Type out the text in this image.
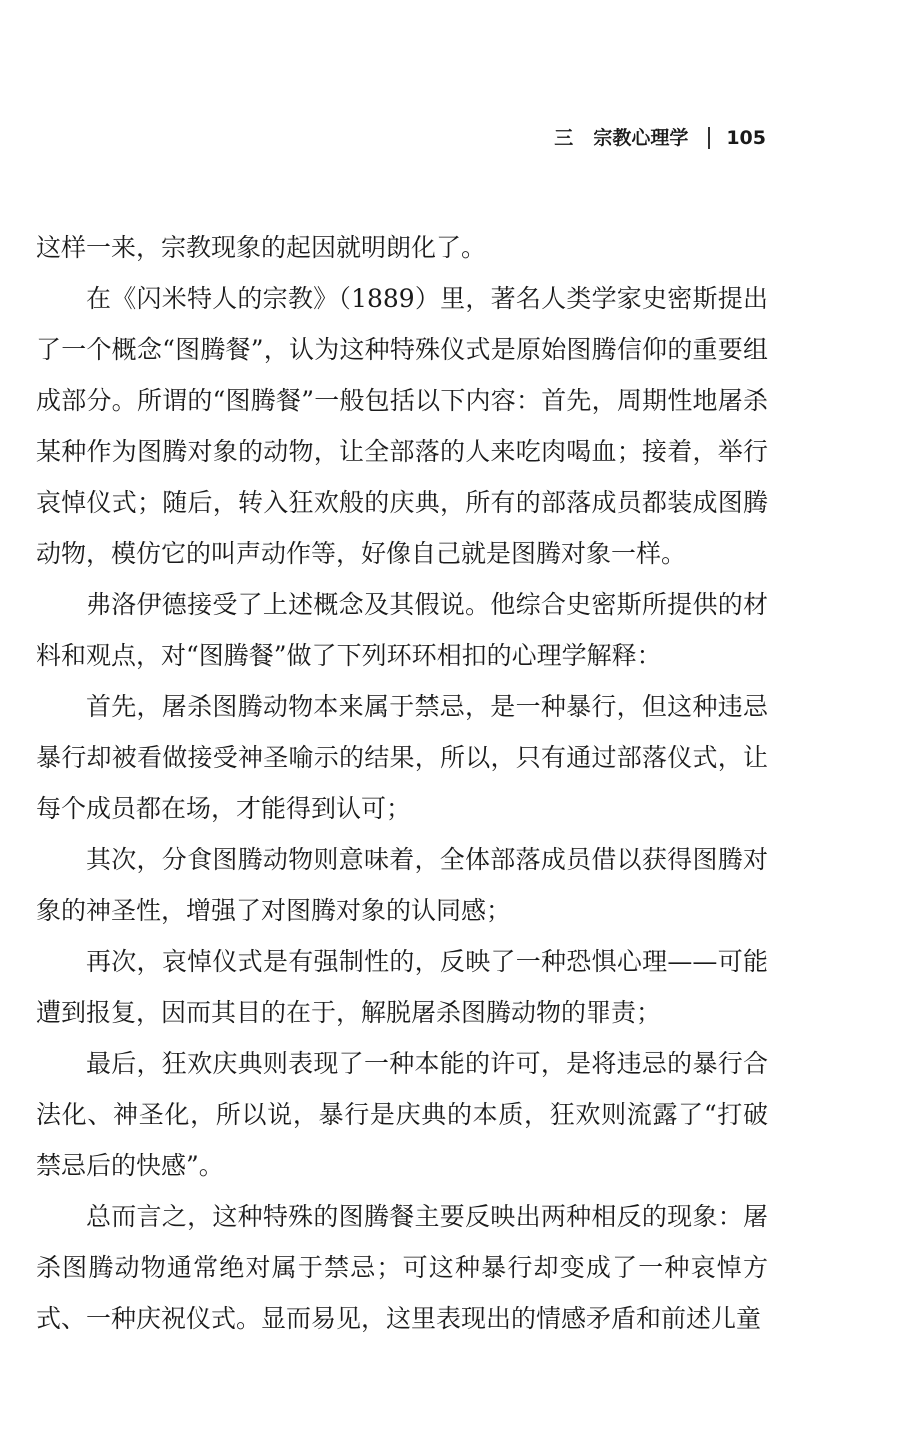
三 宗教心理学 105

这样一来，宗教现象的起因就明朗化了。

在《闪米特人的宗教》（1889）里，著名人类学家史密斯提出了一个概念“图腾餐”，认为这种特殊仪式是原始图腾信仰的重要组成部分。所谓的“图腾餐”一般包括以下内容：首先，周期性地屠杀某种作为图腾对象的动物，让全部落的人来吃肉喝血；接着，举行哀悼仪式；随后，转入狂欢般的庆典，所有的部落成员都装成图腾动物，模仿它的叫声动作等，好像自己就是图腾对象一样。

弗洛伊德接受了上述概念及其假说。他综合史密斯所提供的材料和观点，对“图腾餐”做了下列环环相扣的心理学解释：

首先，屠杀图腾动物本来属于禁忌，是一种暴行，但这种违忌暴行却被看做接受神圣喻示的结果，所以，只有通过部落仪式，让每个成员都在场，才能得到认可；

其次，分食图腾动物则意味着，全体部落成员借以获得图腾对象的神圣性，增强了对图腾对象的认同感；

再次，哀悼仪式是有强制性的，反映了一种恐惧心理——可能遭到报复，因而其目的在于，解脱屠杀图腾动物的罪责；

最后，狂欢庆典则表现了一种本能的许可，是将违忌的暴行合法化、神圣化，所以说，暴行是庆典的本质，狂欢则流露了“打破禁忌后的快感”。

总而言之，这种特殊的图腾餐主要反映出两种相反的现象：屠杀图腾动物通常绝对属于禁忌；可这种暴行却变成了一种哀悼方式、一种庆祝仪式。显而易见，这里表现出的情感矛盾和前述儿童
